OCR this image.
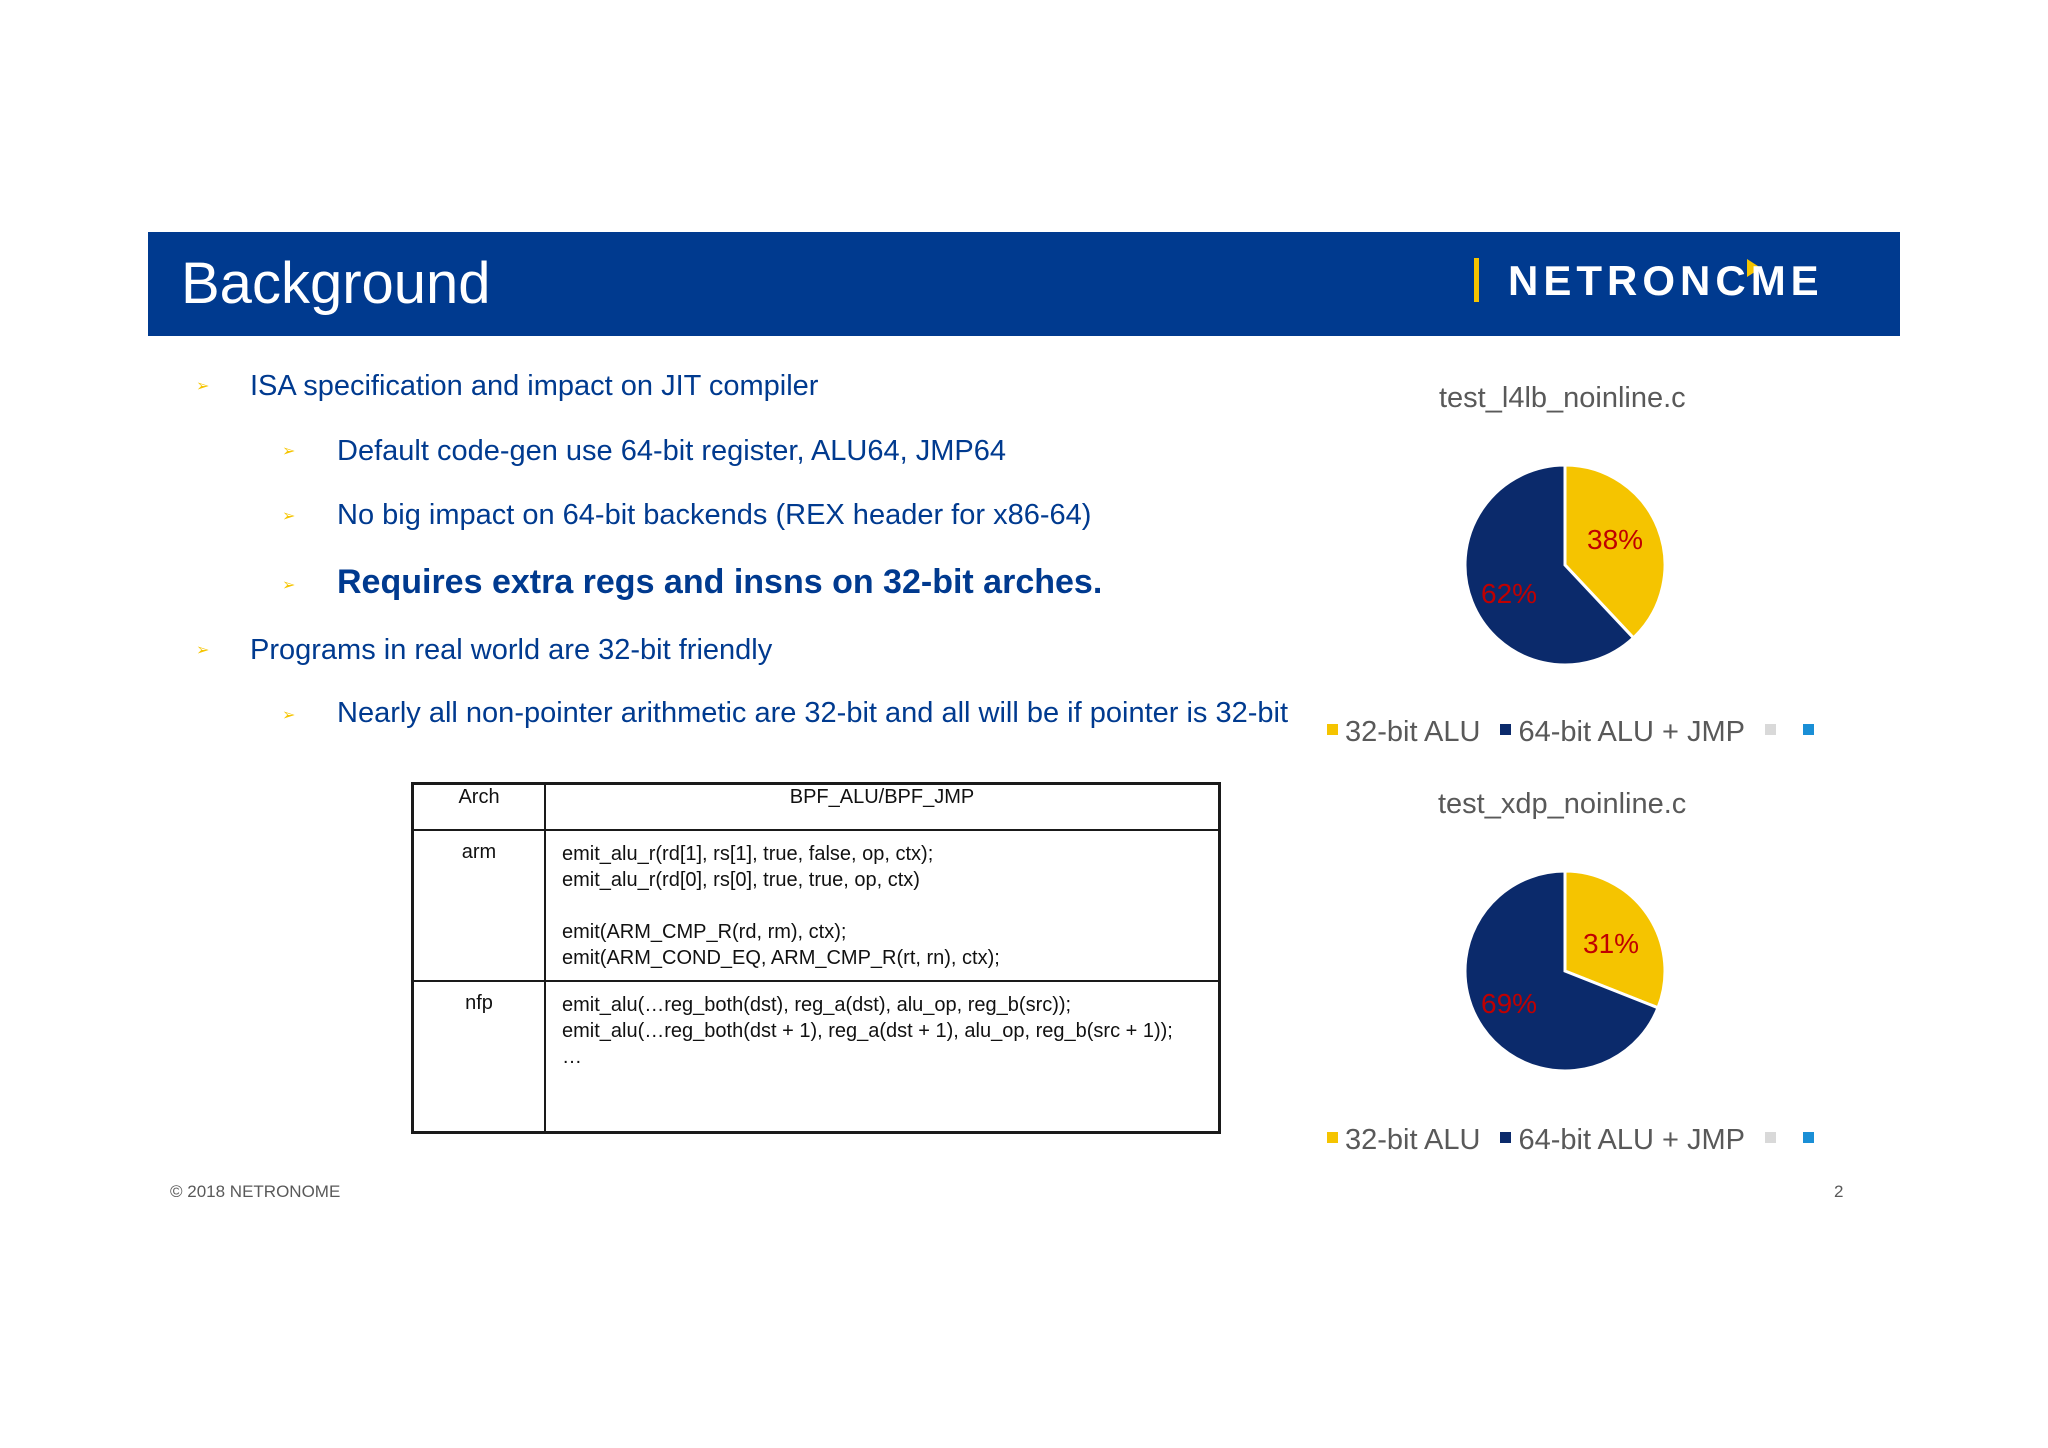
Background	NETRONCME
➢ ISA specification and impact on JIT compiler
➢ Default code-gen use 64-bit register, ALU64, JMP64
➢ No big impact on 64-bit backends (REX header for x86-64)
➢ Requires extra regs and insns on 32-bit arches.
➢ Programs in real world are 32-bit friendly
➢ Nearly all non-pointer arithmetic are 32-bit and all will be if pointer is 32-bit
Arch	BPF_ALU/BPF_JMP
arm	emit_alu_r(rd[1], rs[1], true, false, op, ctx);
emit_alu_r(rd[0], rs[0], true, true, op, ctx)
emit(ARM_CMP_R(rd, rm), ctx);
emit(ARM_COND_EQ, ARM_CMP_R(rt, rn), ctx);

nfp	emit_alu(…reg_both(dst), reg_a(dst), alu_op, reg_b(src));
emit_alu(…reg_both(dst + 1), reg_a(dst + 1), alu_op, reg_b(src + 1));
…
test_l4lb_noinline.c
38%
62%
32-bit ALU 64-bit ALU + JMP
test_xdp_noinline.c
31%
69%
32-bit ALU 64-bit ALU + JMP
© 2018 NETRONOME	2
